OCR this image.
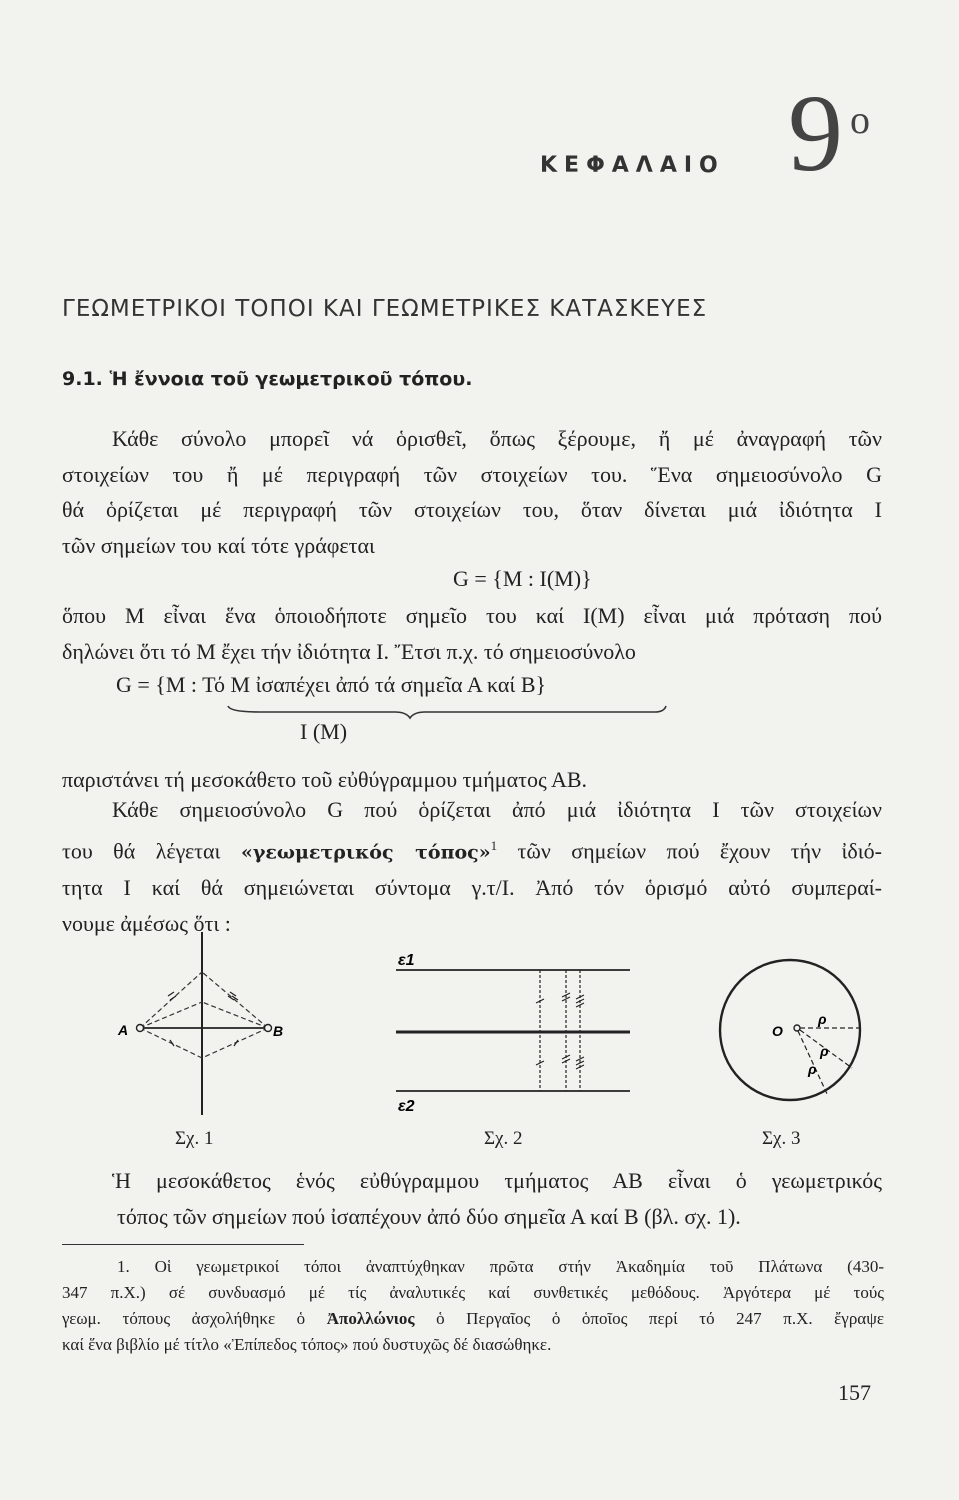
ΚΕΦΑΛΑΙΟ 9 ο
ΓΕΩΜΕΤΡΙΚΟΙ ΤΟΠΟΙ ΚΑΙ ΓΕΩΜΕΤΡΙΚΕΣ ΚΑΤΑΣΚΕΥΕΣ
9.1. Ἡ ἔννοια τοῦ γεωμετρικοῦ τόπου.
Κάθε σύνολο μπορεῖ νά ὁρισθεῖ, ὅπως ξέρουμε, ἤ μέ ἀναγραφή τῶν
στοιχείων του ἤ μέ περιγραφή τῶν στοιχείων του. Ἕνα σημειοσύνολο G
θά ὁρίζεται μέ περιγραφή τῶν στοιχείων του, ὅταν δίνεται μιά ἰδιότητα Ι
τῶν σημείων του καί τότε γράφεται
G = {M : I(M)}
ὅπου Μ εἶναι ἕνα ὁποιοδήποτε σημεῖο του καί Ι(Μ) εἶναι μιά πρόταση πού
δηλώνει ὅτι τό Μ ἔχει τήν ἰδιότητα Ι. Ἔτσι π.χ. τό σημειοσύνολο
G = {Μ : Τό Μ ἰσαπέχει ἀπό τά σημεῖα Α καί Β}
Ι (Μ)
παριστάνει τή μεσοκάθετο τοῦ εὐθύγραμμου τμήματος ΑΒ.
Κάθε σημειοσύνολο G πού ὁρίζεται ἀπό μιά ἰδιότητα Ι τῶν στοιχείων
του θά λέγεται «γεωμετρικός τόπος»$^1$ τῶν σημείων πού ἔχουν τήν ἰδιό-
τητα Ι καί θά σημειώνεται σύντομα γ.τ/Ι. Ἀπό τόν ὁρισμό αὐτό συμπεραί-
νουμε ἀμέσως ὅτι :
A	B
ε1
ε2
O
ρ
ρ
ρ
Σχ. 1	Σχ. 2	Σχ. 3
Ἡ μεσοκάθετος ἑνός εὐθύγραμμου τμήματος ΑΒ εἶναι ὁ γεωμετρικός
τόπος τῶν σημείων πού ἰσαπέχουν ἀπό δύο σημεῖα Α καί Β (βλ. σχ. 1).
1. Οἱ γεωμετρικοί τόποι ἀναπτύχθηκαν πρῶτα στήν Ἀκαδημία τοῦ Πλάτωνα (430-
347 π.Χ.) σέ συνδυασμό μέ τίς ἀναλυτικές καί συνθετικές μεθόδους. Ἀργότερα μέ τούς
γεωμ. τόπους ἀσχολήθηκε ὁ Ἀπολλώνιος ὁ Περγαῖος ὁ ὁποῖος περί τό 247 π.Χ. ἔγραψε
καί ἕνα βιβλίο μέ τίτλο «Ἐπίπεδος τόπος» πού δυστυχῶς δέ διασώθηκε.
157
